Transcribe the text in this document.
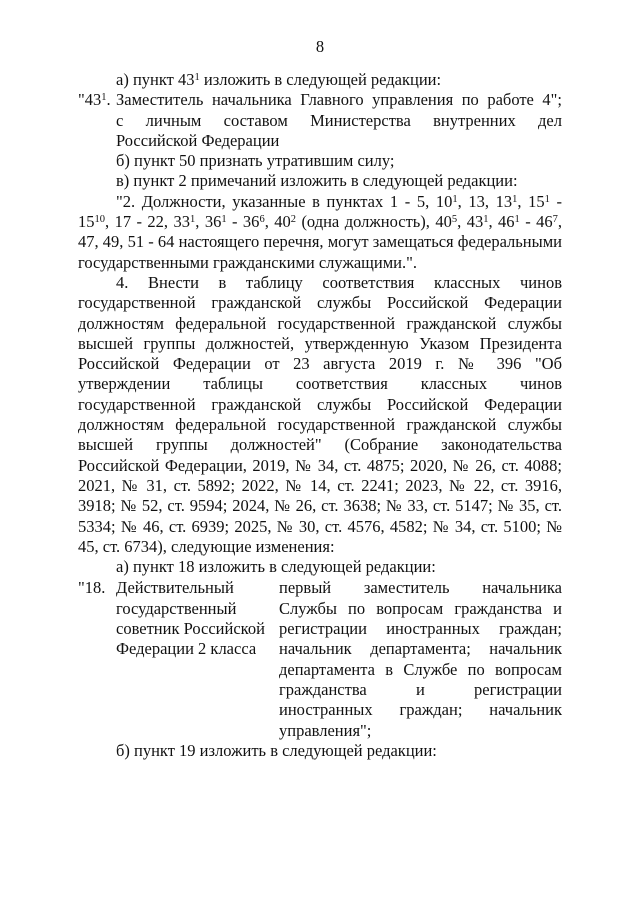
8
а) пункт $43^1$ изложить в следующей редакции:
"$43^1$. Заместитель начальника Главного управления по работе 4";
с личным составом Министерства внутренних дел
Российской Федерации
б) пункт 50 признать утратившим силу;
в) пункт 2 примечаний изложить в следующей редакции:
"2. Должности, указанные в пунктах 1 - 5, $10^1$, 13, $13^1$, $15^1 - 15^{10}$, 17 - 22, $33^1$, $36^1 - 36^6$, $40^2$ (одна должность), $40^5$, $43^1$, $46^1 - 46^7$, 47, 49, 51 - 64 настоящего перечня, могут замещаться федеральными государственными гражданскими служащими.".
4. Внести в таблицу соответствия классных чинов государственной гражданской службы Российской Федерации должностям федеральной государственной гражданской службы высшей группы должностей, утвержденную Указом Президента Российской Федерации от 23 августа 2019 г. № 396 "Об утверждении таблицы соответствия классных чинов государственной гражданской службы Российской Федерации должностям федеральной государственной гражданской службы высшей группы должностей" (Собрание законодательства Российской Федерации, 2019, № 34, ст. 4875; 2020, № 26, ст. 4088; 2021, № 31, ст. 5892; 2022, № 14, ст. 2241; 2023, № 22, ст. 3916, 3918; № 52, ст. 9594; 2024, № 26, ст. 3638; № 33, ст. 5147; № 35, ст. 5334; № 46, ст. 6939; 2025, № 30, ст. 4576, 4582; № 34, ст. 5100; № 45, ст. 6734), следующие изменения:
а) пункт 18 изложить в следующей редакции:
"18. Действительный государственный советник Российской Федерации 2 класса
первый заместитель начальника Службы по вопросам гражданства и регистрации иностранных граждан; начальник департамента; начальник департамента в Службе по вопросам гражданства и регистрации иностранных граждан; начальник управления";
б) пункт 19 изложить в следующей редакции:
